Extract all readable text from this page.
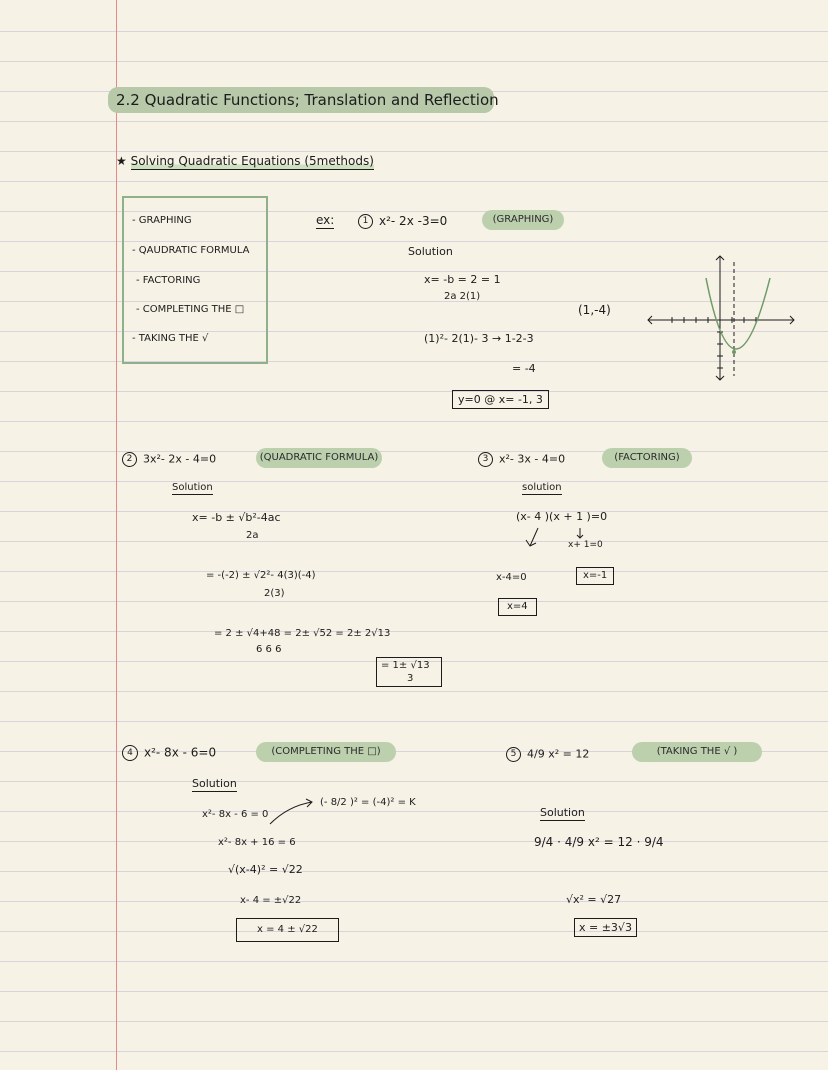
2.2 Quadratic Functions; Translation and Reflection
★ Solving Quadratic Equations (5methods)
- GRAPHING
- QAUDRATIC FORMULA
- FACTORING
- COMPLETING THE □
- TAKING THE √
ex:	1 x²- 2x -3=0	(GRAPHING)
Solution
x= -b = 2 = 1
2a 2(1)
(1,-4)
(1)²- 2(1)- 3 → 1-2-3
= -4
y=0 @ x= -1, 3
2 3x²- 2x - 4=0	(QUADRATIC FORMULA)
Solution
x= -b ± √b²-4ac
2a
= -(-2) ± √2²- 4(3)(-4)
2(3)
= 2 ± √4+48 = 2± √52 = 2± 2√13
6 6 6
= 1± √13
3
3 x²- 3x - 4=0	(FACTORING)
solution
(x- 4 )(x + 1 )=0
x+ 1=0
x-4=0	x=-1
x=4
4 x²- 8x - 6=0	(COMPLETING THE □)
Solution
x²- 8x - 6 = 0
(- 8/2 )² = (-4)² = K
x²- 8x + 16 = 6
√(x-4)² = √22
x- 4 = ±√22
x = 4 ± √22
5 4/9 x² = 12	(TAKING THE √ )
Solution
9/4 · 4/9 x² = 12 · 9/4
√x² = √27
x = ±3√3
